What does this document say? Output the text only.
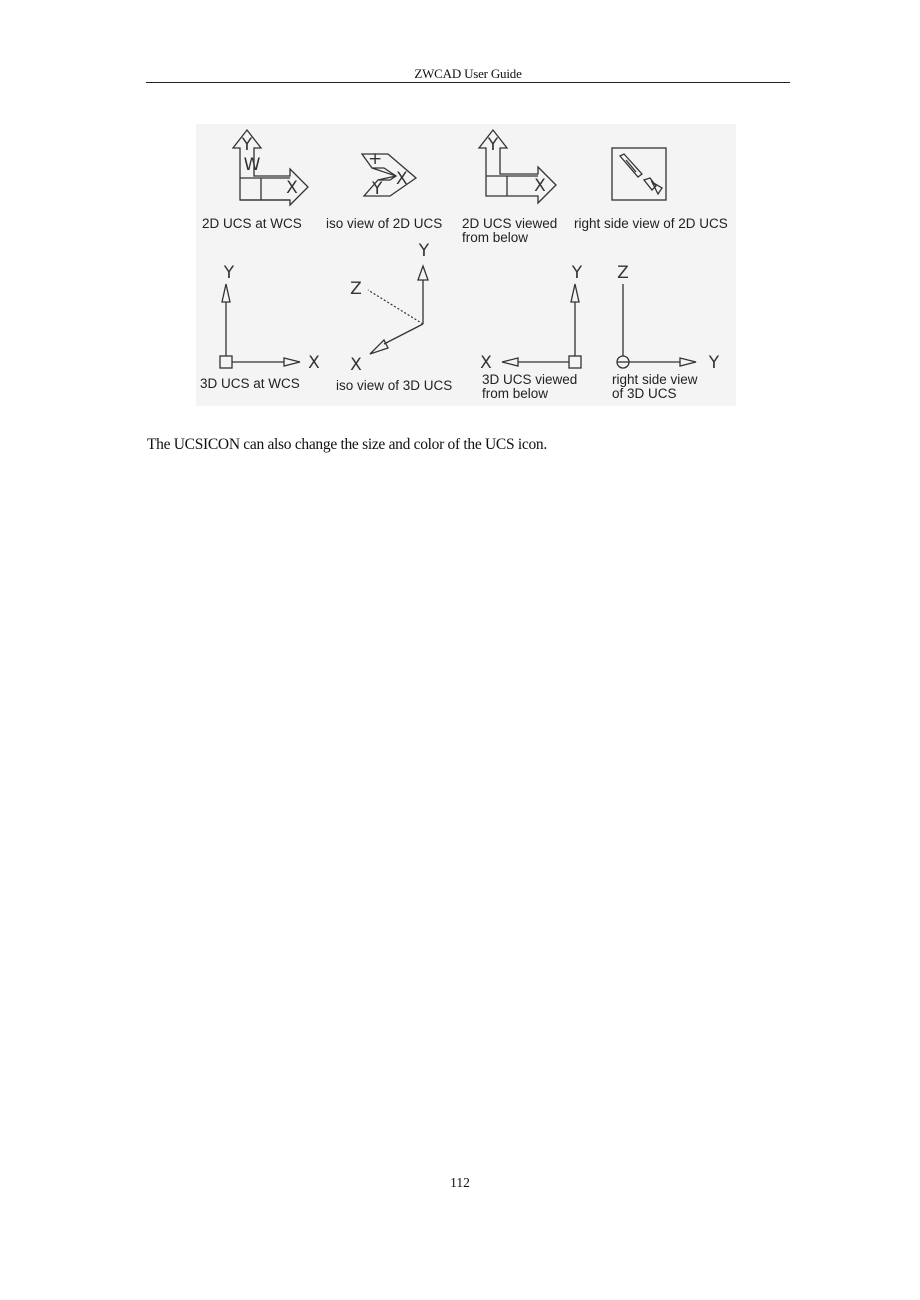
ZWCAD User Guide
Y
W
X
2D UCS at WCS
+
Y X
iso view of 2D UCS
Y
X
2D UCS viewed
from below
right side view of 2D UCS
Y
X
3D UCS at WCS
Y
Z
X
iso view of 3D UCS
Y
X
3D UCS viewed
from below
Z
Y
right side view
of 3D UCS
The UCSICON can also change the size and color of the UCS icon.
112
